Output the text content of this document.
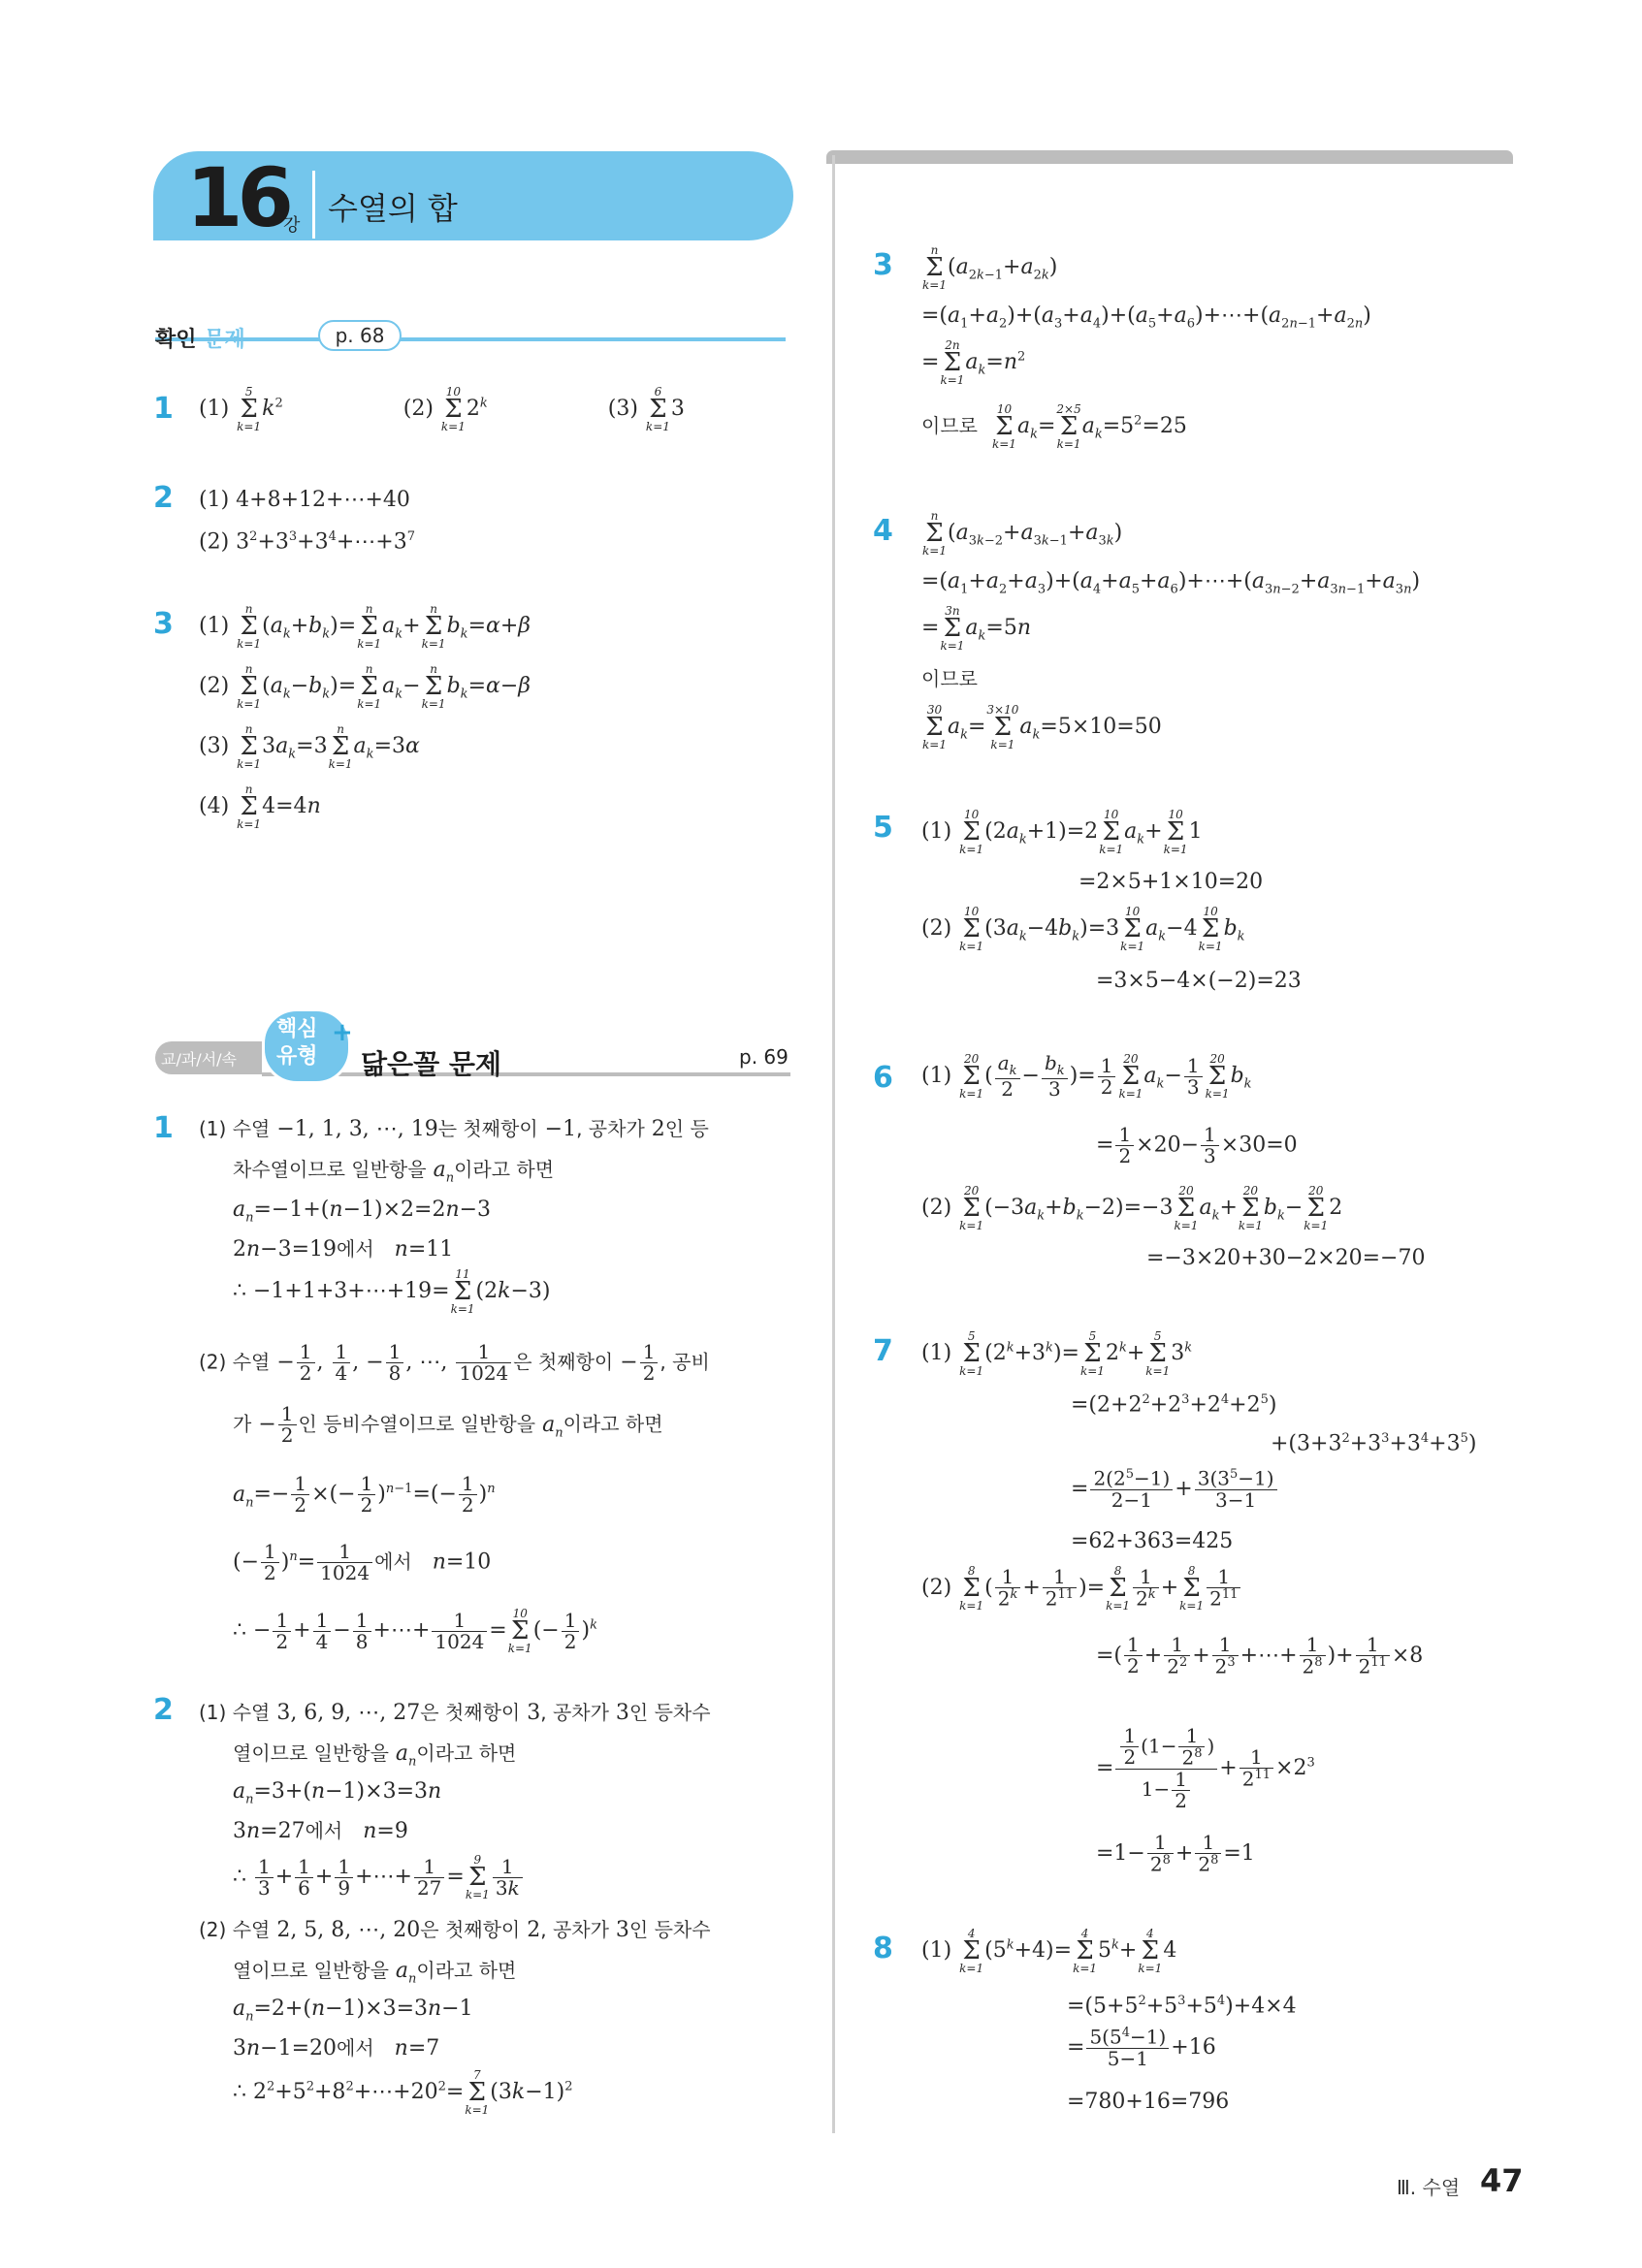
16
강 수열의 합
확인 문제	p. 68
1 (1)
5
Σ
k=1
$k^2$	(2)
10
Σ
k=1
2$^k$	(3)
6
Σ
k=1
3
2 (1) 4+8+12+⋯+40
(2) $3^2+3^3+3^4+\cdots+3^7$
3 (1)
n
Σ
k=1
$(a_k+b_k)=$
n
Σ
k=1
$a_k+$
n
Σ
k=1
$b_k=\alpha+\beta$
(2)
n
Σ
k=1
$(a_k-b_k)=$
n
Σ
k=1
$a_k-$
n
Σ
k=1
$b_k=\alpha-\beta$
(3)
n
Σ
k=1
$3a_k=3$
n
Σ
k=1
$a_k=3\alpha$
(4)
n
Σ
k=1
4=4n
교/과/서/속
핵심
유형
+
닮은꼴 문제	p. 69
1 (1) 수열 −1, 1, 3, ⋯, 19는 첫째항이 −1, 공차가 2인 등
차수열이므로 일반항을 $a_n$이라고 하면
$a_n=-1+(n-1)\times 2=2n-3$
2n−3=19에서 n=11
∴ −1+1+3+⋯+19=
11
Σ
k=1
(2k−3)
(2) 수열 − $\frac{1}{2}$ , $\frac{1}{4}$ , − $\frac{1}{8}$ , ⋯, $\frac{1}{1024}$ 은 첫째항이 − $\frac{1}{2}$ , 공비
가 − $\frac{1}{2}$ 인 등비수열이므로 일반항을 $a_n$이라고 하면
$a_n=- \frac{1}{2}$ ×(− $\frac{1}{2} )^{n-1}=(- \frac{1}{2} )^n$
(− $\frac{1}{2} )^n= \frac{1}{1024}$ 에서 n=10
∴ − $\frac{1}{2} + \frac{1}{4} - \frac{1}{8}$ +⋯+ $\frac{1}{1024}$ =
10
Σ
k=1
(− $\frac{1}{2} )^k$
2 (1) 수열 3, 6, 9, ⋯, 27은 첫째항이 3, 공차가 3인 등차수
열이므로 일반항을 $a_n$이라고 하면
$a_n=3+(n-1)\times 3=3n$
3n=27에서 n=9
∴ $\frac{1}{3} + \frac{1}{6} + \frac{1}{9}$ +⋯+ $\frac{1}{27}$ =
9
Σ
$k=1 \frac{1}{3k}$
(2) 수열 2, 5, 8, ⋯, 20은 첫째항이 2, 공차가 3인 등차수
열이므로 일반항을 $a_n$이라고 하면
$a_n=2+(n-1)\times 3=3n-1$
3n−1=20에서 n=7
∴ $2^2+5^2+8^2+\cdots+20^2=$
7
Σ
k=1
$(3k-1)^2$
3	n
Σ
k=1
$(a_{2k-1}+a_{2k})$
$=(a_1+a_2)+(a_3+a_4)+(a_5+a_6)+\cdots+(a_{2n-1}+a_{2n})$
=
2n
Σ
k=1
$a_k=n^2$
이므로
10
Σ
k=1
$a_k=$
2×5
Σ
k=1
$a_k=5^2=25$
4	n
Σ
k=1
$(a_{3k-2}+a_{3k-1}+a_{3k})$
$=(a_1+a_2+a_3)+(a_4+a_5+a_6)+\cdots+(a_{3n-2}+a_{3n-1}+a_{3n})$
=
3n
Σ
k=1
$a_k=5n$
이므로
30
Σ
k=1
$a_k=$
3×10
Σ
k=1
$a_k=5\times 10=50$
5 (1)
10
Σ
k=1
$(2a_k+1)=2$
10
Σ
k=1
$a_k+$
10
Σ
k=1
1
=2×5+1×10=20
(2)
10
Σ
k=1
$(3a_k-4b_k)=3$
10
Σ
k=1
$a_k-4$
10
Σ
k=1
$b_k$
=3×5−4×(−2)=23
6 (1)
20
Σ
k=1
( $\frac{a_k}{2} - \frac{b_k}{3}$ )= $\frac{1}{2} 20$
Σ
k=1
$a_k- \frac{1}{3} 20$
Σ
k=1
$b_k$
= $\frac{1}{2} \times 20- \frac{1}{3} \times 30=0$
(2)
20
Σ
k=1
$(-3a_k+b_k-2)=-3$
20
Σ
k=1
$a_k+$
20
Σ
k=1
$b_k-$
20
Σ
k=1
2
=−3×20+30−2×20=−70
7 (1)
5
Σ
k=1
$(2^k+3^k)=$
5
Σ
k=1
$2^k+$
5
Σ
k=1
$3^k$
$=(2+2^2+2^3+2^4+2^5)$
$+(3+3^2+3^3+3^4+3^5)$
= $\frac{2(2^5-1)}{2-1} + \frac{3(3^5-1)}{3-1}$
=62+363=425
(2)
8
Σ
k=1
( $\frac{1}{2^k} + \frac{1}{2^{11}}$ )=
8
Σ
$k=1 \frac{1}{2^k}$ +
8
Σ
$k=1 \frac{1}{2^{11}}$
=( $\frac{1}{2} + \frac{1}{2^2} + \frac{1}{2^3}$ +⋯+ $\frac{1}{2^8}$ )+ $\frac{1}{2^{11}} \times 8$
= $\frac{\frac{1}{2} (1- \frac{1}{2^8} )}{1- \frac{1}{2}} + \frac{1}{2^{11}} \times 2^3$
$=1- \frac{1}{2^8} + \frac{1}{2^8} =1$
8 (1)
4
Σ
k=1
$(5^k+4)=$
4
Σ
k=1
$5^k+$
4
Σ
k=1
4
$=(5+5^2+5^3+5^4)+4\times 4$
= $\frac{5(5^4-1)}{5-1} +16$
=780+16=796
Ⅲ. 수열 47
